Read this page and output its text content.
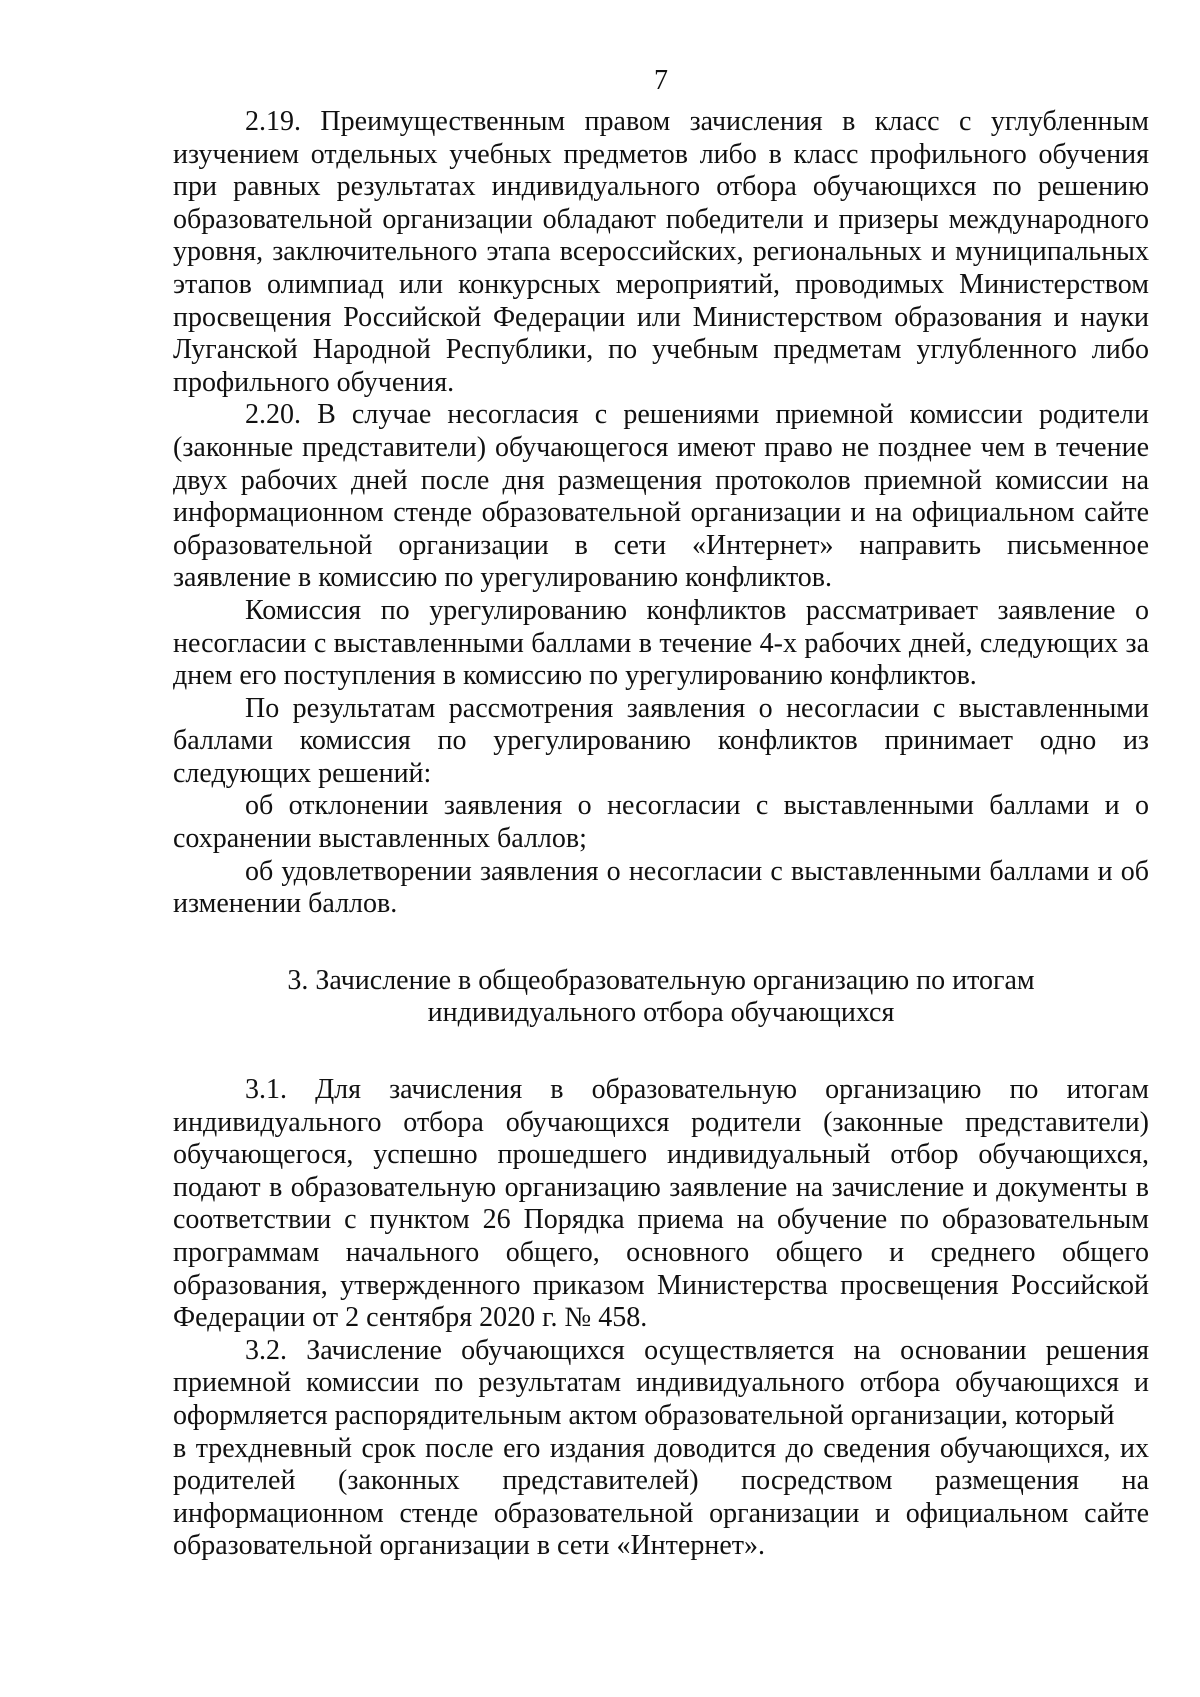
7

2.19. Преимущественным правом зачисления в класс с углубленным изучением отдельных учебных предметов либо в класс профильного обучения при равных результатах индивидуального отбора обучающихся по решению образовательной организации обладают победители и призеры международного уровня, заключительного этапа всероссийских, региональных и муниципальных этапов олимпиад или конкурсных мероприятий, проводимых Министерством просвещения Российской Федерации или Министерством образования и науки Луганской Народной Республики, по учебным предметам углубленного либо профильного обучения.

2.20. В случае несогласия с решениями приемной комиссии родители (законные представители) обучающегося имеют право не позднее чем в течение двух рабочих дней после дня размещения протоколов приемной комиссии на информационном стенде образовательной организации и на официальном сайте образовательной организации в сети «Интернет» направить письменное заявление в комиссию по урегулированию конфликтов.

Комиссия по урегулированию конфликтов рассматривает заявление о несогласии с выставленными баллами в течение 4-х рабочих дней, следующих за днем его поступления в комиссию по урегулированию конфликтов.

По результатам рассмотрения заявления о несогласии с выставленными баллами комиссия по урегулированию конфликтов принимает одно из следующих решений:

об отклонении заявления о несогласии с выставленными баллами и о сохранении выставленных баллов;

об удовлетворении заявления о несогласии с выставленными баллами и об изменении баллов.

3. Зачисление в общеобразовательную организацию по итогам
индивидуального отбора обучающихся

3.1. Для зачисления в образовательную организацию по итогам индивидуального отбора обучающихся родители (законные представители) обучающегося, успешно прошедшего индивидуальный отбор обучающихся, подают в образовательную организацию заявление на зачисление и документы в соответствии с пунктом 26 Порядка приема на обучение по образовательным программам начального общего, основного общего и среднего общего образования, утвержденного приказом Министерства просвещения Российской Федерации от 2 сентября 2020 г. № 458.

3.2. Зачисление обучающихся осуществляется на основании решения приемной комиссии по результатам индивидуального отбора обучающихся и оформляется распорядительным актом образовательной организации, который

в трехдневный срок после его издания доводится до сведения обучающихся, их родителей (законных представителей) посредством размещения на информационном стенде образовательной организации и официальном сайте образовательной организации в сети «Интернет».
